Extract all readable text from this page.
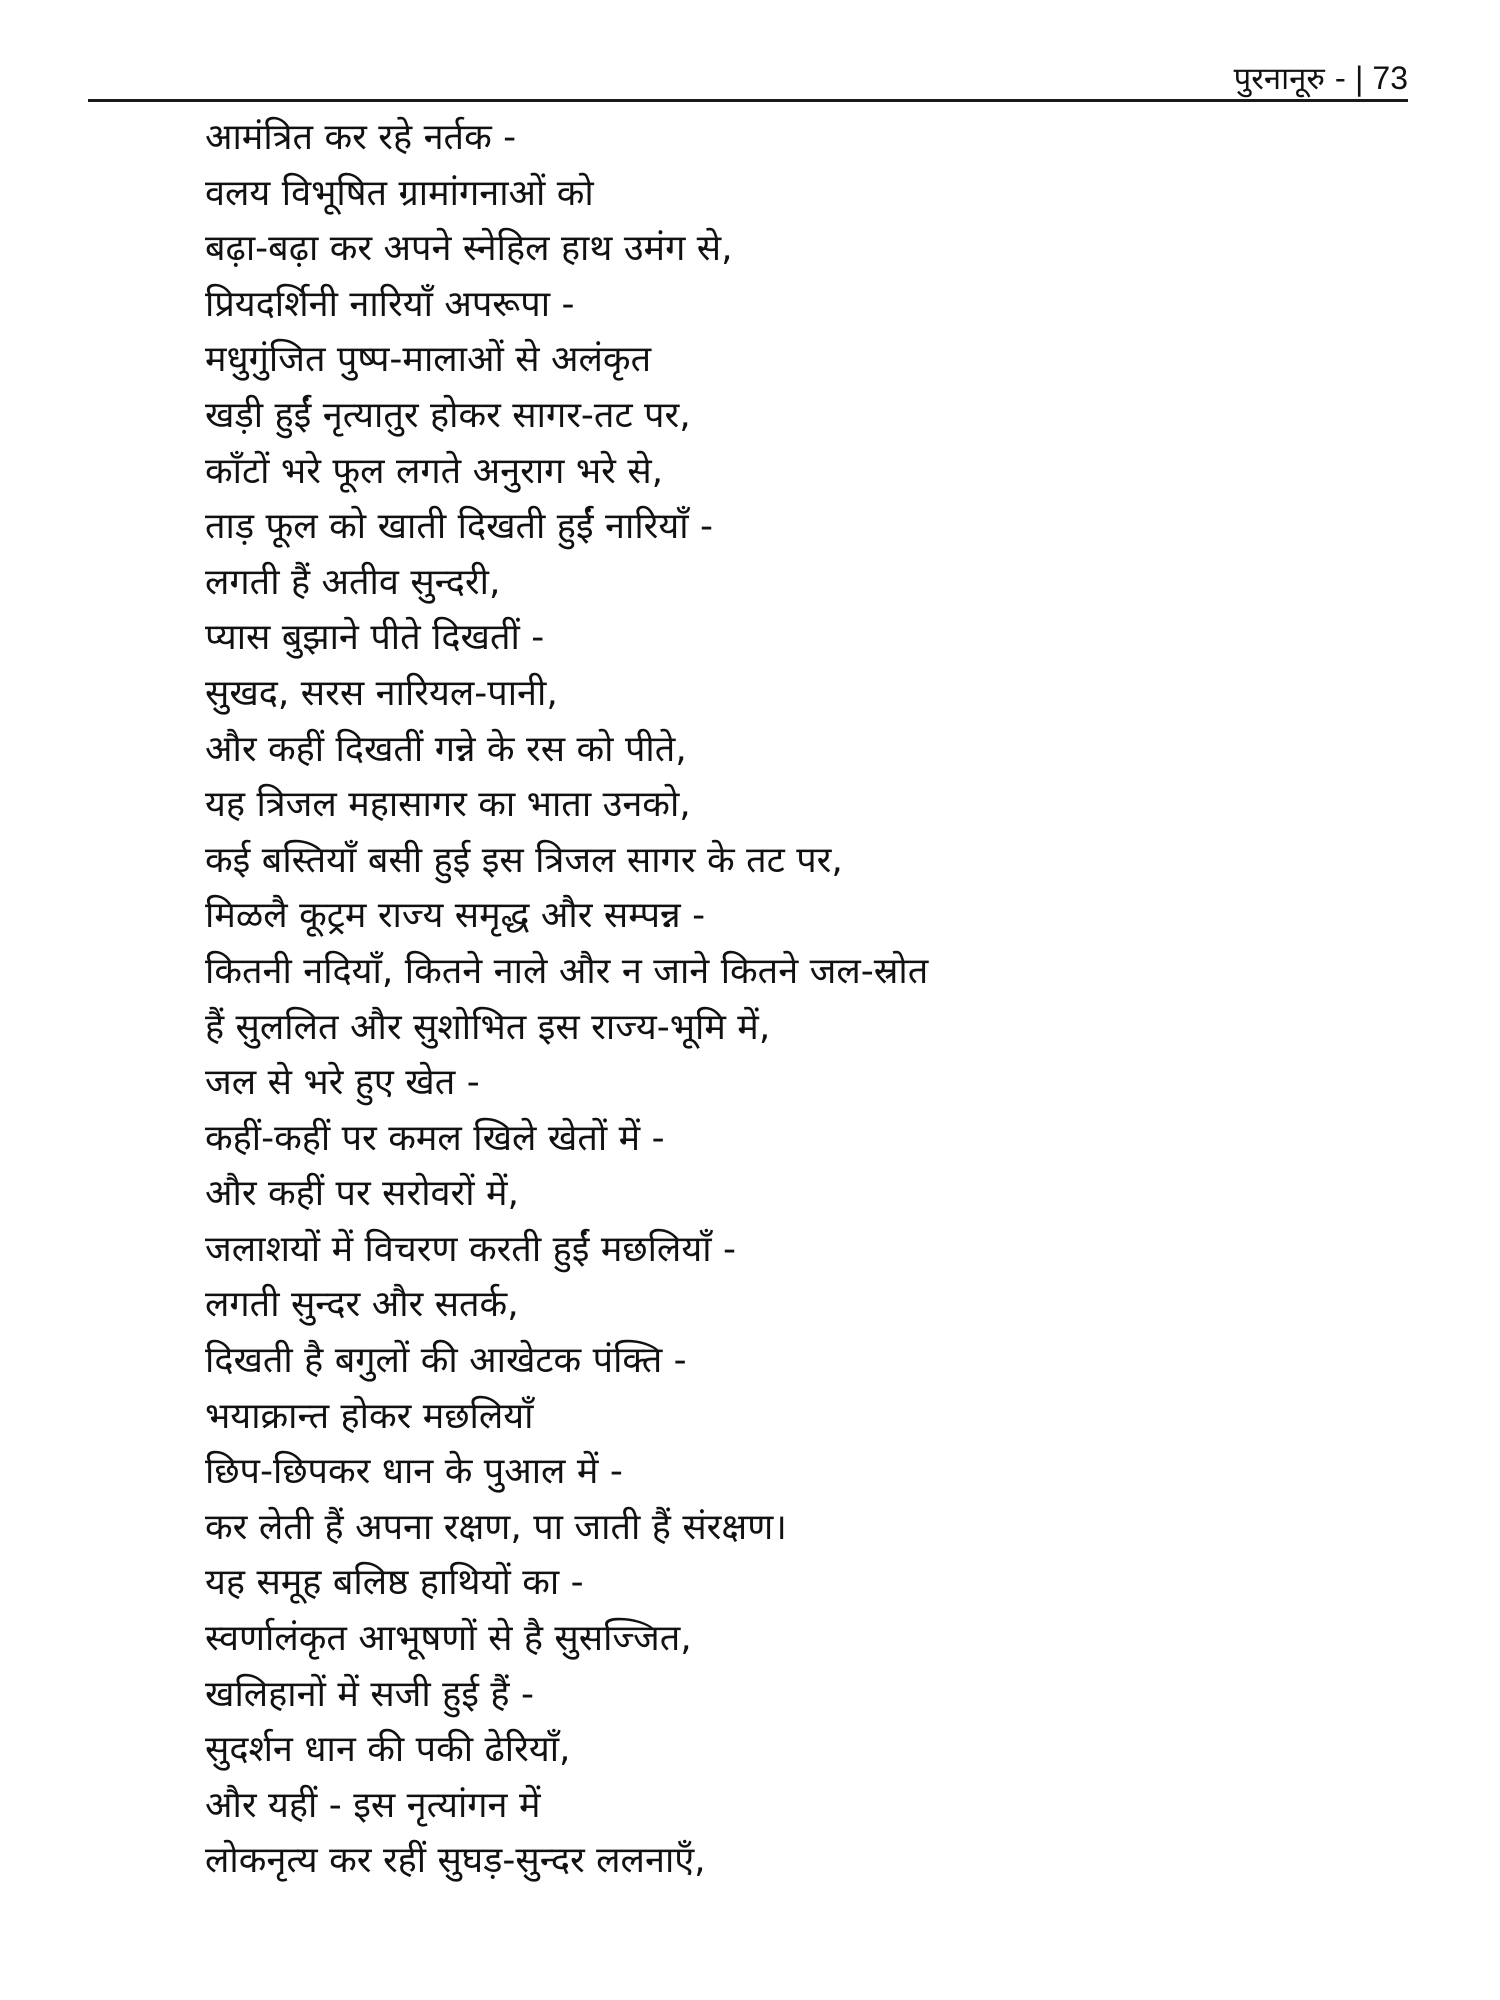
पुरनानूरु - | 73
आमंत्रित कर रहे नर्तक -
वलय विभूषित ग्रामांगनाओं को
बढ़ा-बढ़ा कर अपने स्नेहिल हाथ उमंग से,
प्रियदर्शिनी नारियाँ अपरूपा -
मधुगुंजित पुष्प-मालाओं से अलंकृत
खड़ी हुईं नृत्यातुर होकर सागर-तट पर,
काँटों भरे फूल लगते अनुराग भरे से,
ताड़ फूल को खाती दिखती हुईं नारियाँ -
लगती हैं अतीव सुन्दरी,
प्यास बुझाने पीते दिखतीं -
सुखद, सरस नारियल-पानी,
और कहीं दिखतीं गन्ने के रस को पीते,
यह त्रिजल महासागर का भाता उनको,
कई बस्तियाँ बसी हुई इस त्रिजल सागर के तट पर,
मिळलै कूट्रम राज्य समृद्ध और सम्पन्न -
कितनी नदियाँ, कितने नाले और न जाने कितने जल-स्रोत
हैं सुललित और सुशोभित इस राज्य-भूमि में,
जल से भरे हुए खेत -
कहीं-कहीं पर कमल खिले खेतों में -
और कहीं पर सरोवरों में,
जलाशयों में विचरण करती हुईं मछलियाँ -
लगती सुन्दर और सतर्क,
दिखती है बगुलों की आखेटक पंक्ति -
भयाक्रान्त होकर मछलियाँ
छिप-छिपकर धान के पुआल में -
कर लेती हैं अपना रक्षण, पा जाती हैं संरक्षण।
यह समूह बलिष्ठ हाथियों का -
स्वर्णालंकृत आभूषणों से है सुसज्जित,
खलिहानों में सजी हुई हैं -
सुदर्शन धान की पकी ढेरियाँ,
और यहीं - इस नृत्यांगन में
लोकनृत्य कर रहीं सुघड़-सुन्दर ललनाएँ,
